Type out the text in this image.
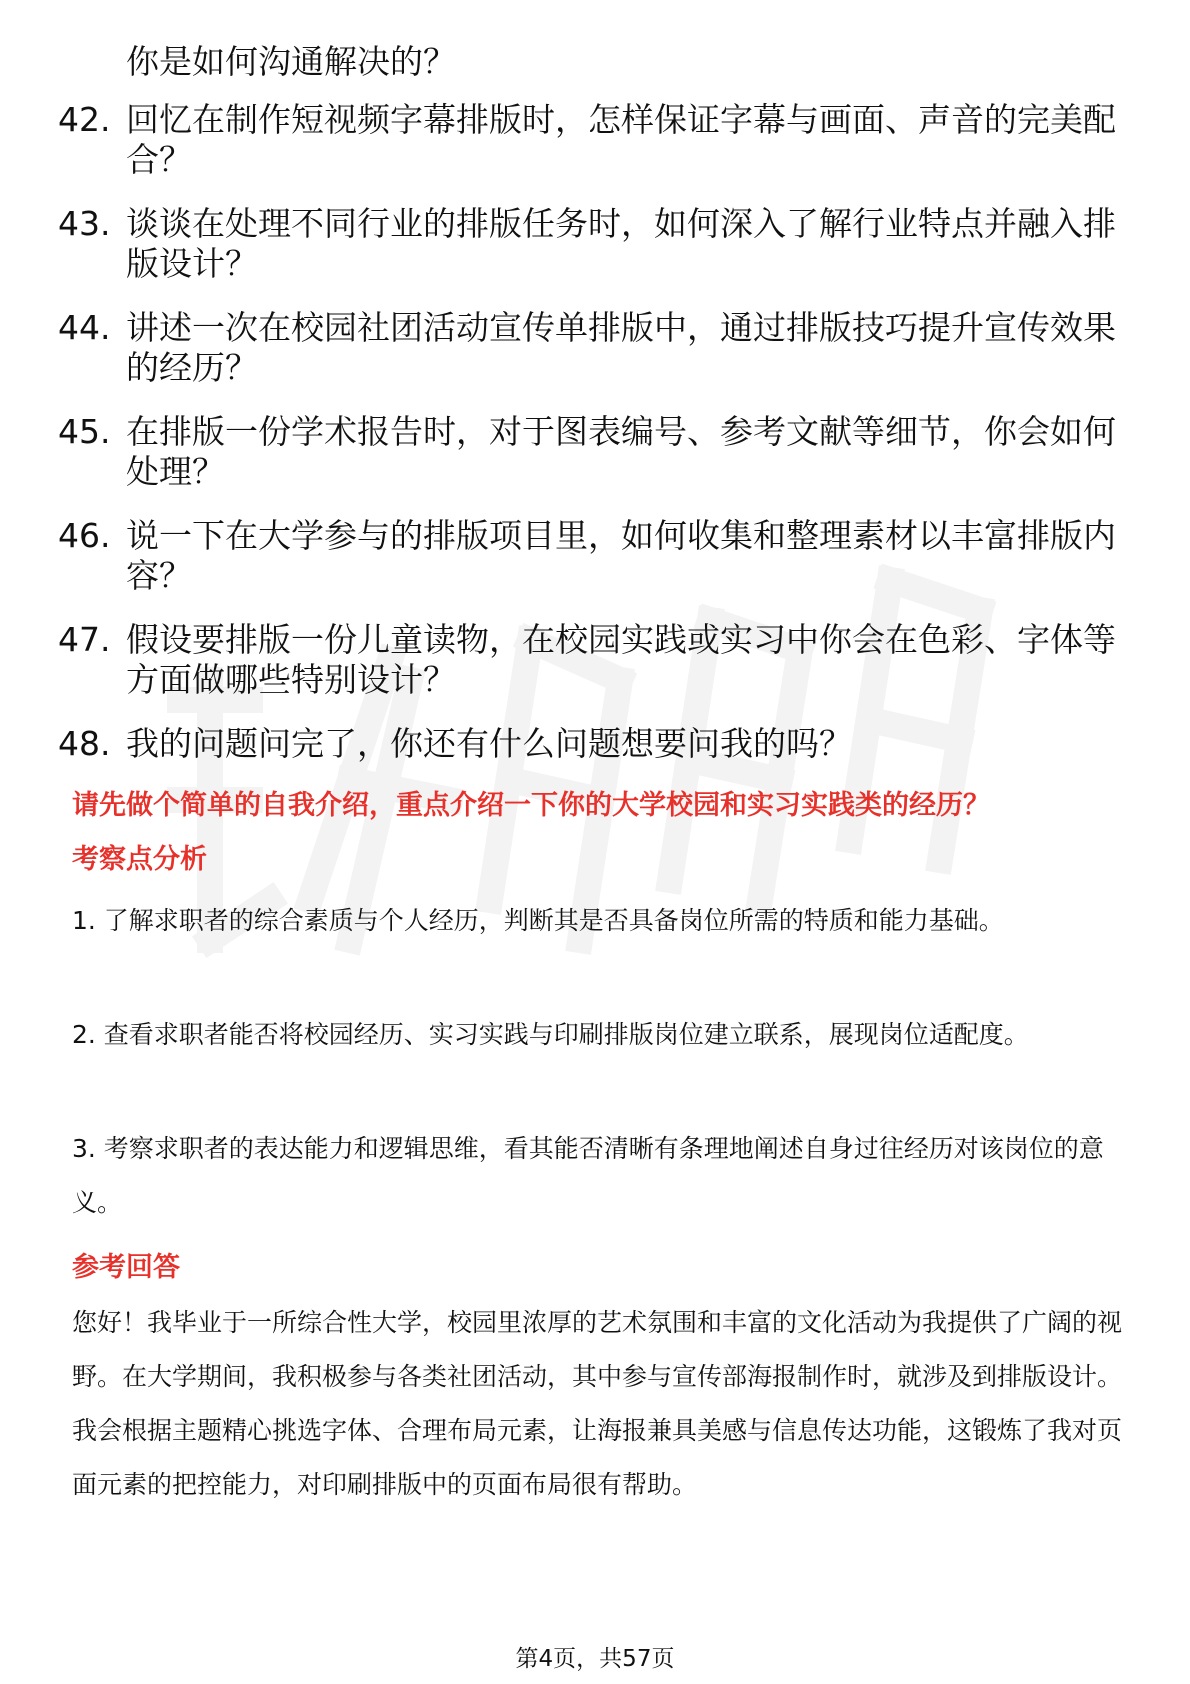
你是如何沟通解决的？
42. 回忆在制作短视频字幕排版时，怎样保证字幕与画面、声音的完美配合？
43. 谈谈在处理不同行业的排版任务时，如何深入了解行业特点并融入排版设计？
44. 讲述一次在校园社团活动宣传单排版中，通过排版技巧提升宣传效果的经历？
45. 在排版一份学术报告时，对于图表编号、参考文献等细节，你会如何处理？
46. 说一下在大学参与的排版项目里，如何收集和整理素材以丰富排版内容？
47. 假设要排版一份儿童读物，在校园实践或实习中你会在色彩、字体等方面做哪些特别设计？
48. 我的问题问完了，你还有什么问题想要问我的吗？
请先做个简单的自我介绍，重点介绍一下你的大学校园和实习实践类的经历？
考察点分析
1. 了解求职者的综合素质与个人经历，判断其是否具备岗位所需的特质和能力基础。
2. 查看求职者能否将校园经历、实习实践与印刷排版岗位建立联系，展现岗位适配度。
3. 考察求职者的表达能力和逻辑思维，看其能否清晰有条理地阐述自身过往经历对该岗位的意义。
参考回答
您好！我毕业于一所综合性大学，校园里浓厚的艺术氛围和丰富的文化活动为我提供了广阔的视野。在大学期间，我积极参与各类社团活动，其中参与宣传部海报制作时，就涉及到排版设计。我会根据主题精心挑选字体、合理布局元素，让海报兼具美感与信息传达功能，这锻炼了我对页面元素的把控能力，对印刷排版中的页面布局很有帮助。
第4页，共57页
